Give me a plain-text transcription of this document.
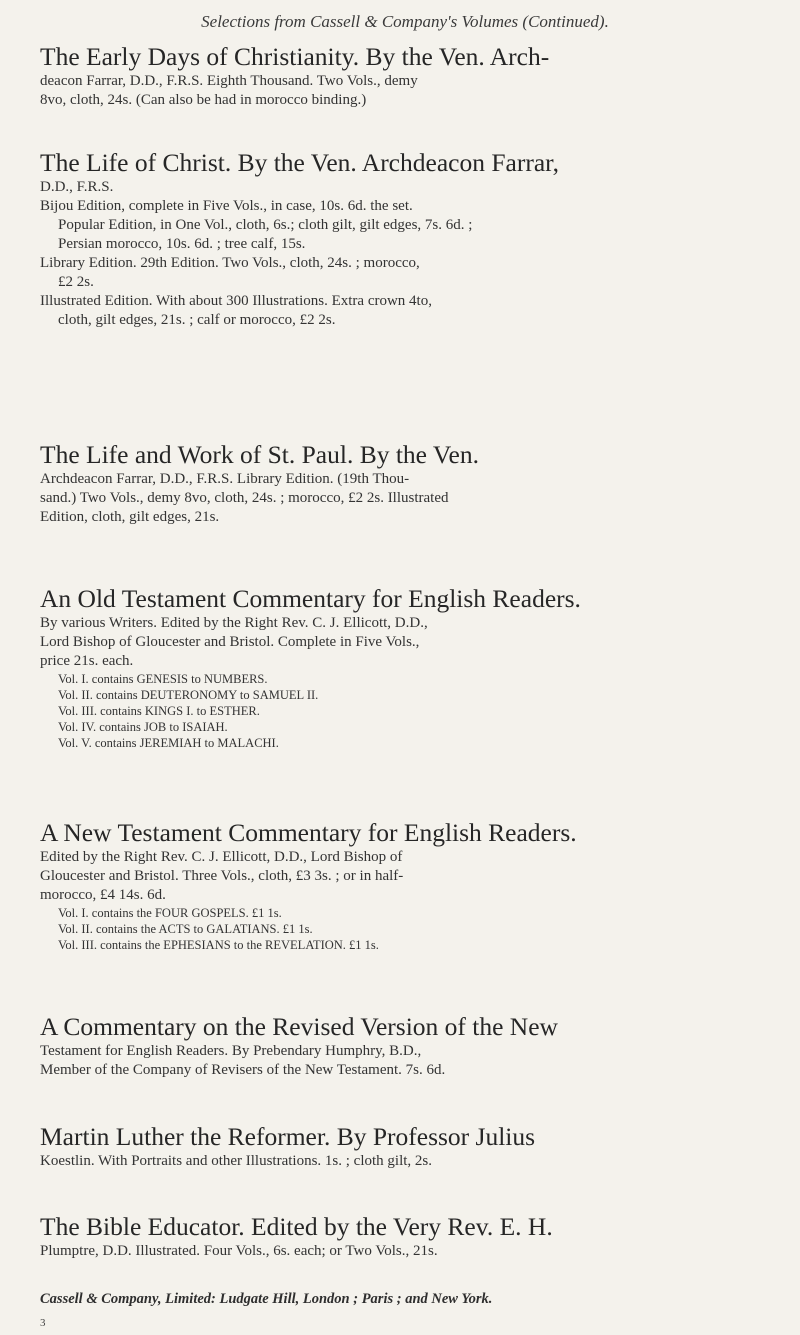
Selections from Cassell & Company's Volumes (Continued).
The Early Days of Christianity. By the Ven. Arch-
deacon Farrar, D.D., F.R.S. Eighth Thousand. Two Vols., demy
8vo, cloth, 24s. (Can also be had in morocco binding.)
The Life of Christ. By the Ven. Archdeacon Farrar,
D.D., F.R.S.
Bijou Edition, complete in Five Vols., in case, 10s. 6d. the set.
Popular Edition, in One Vol., cloth, 6s.; cloth gilt, gilt edges, 7s. 6d. ;
Persian morocco, 10s. 6d. ; tree calf, 15s.
Library Edition. 29th Edition. Two Vols., cloth, 24s. ; morocco,
£2 2s.
Illustrated Edition. With about 300 Illustrations. Extra crown 4to,
cloth, gilt edges, 21s. ; calf or morocco, £2 2s.
The Life and Work of St. Paul. By the Ven.
Archdeacon Farrar, D.D., F.R.S. Library Edition. (19th Thou-
sand.) Two Vols., demy 8vo, cloth, 24s. ; morocco, £2 2s. Illustrated
Edition, cloth, gilt edges, 21s.
An Old Testament Commentary for English Readers.
By various Writers. Edited by the Right Rev. C. J. Ellicott, D.D.,
Lord Bishop of Gloucester and Bristol. Complete in Five Vols.,
price 21s. each.
Vol. I. contains GENESIS to NUMBERS.
Vol. II. contains DEUTERONOMY to SAMUEL II.
Vol. III. contains KINGS I. to ESTHER.
Vol. IV. contains JOB to ISAIAH.
Vol. V. contains JEREMIAH to MALACHI.
A New Testament Commentary for English Readers.
Edited by the Right Rev. C. J. Ellicott, D.D., Lord Bishop of
Gloucester and Bristol. Three Vols., cloth, £3 3s. ; or in half-
morocco, £4 14s. 6d.
Vol. I. contains the FOUR GOSPELS. £1 1s.
Vol. II. contains the ACTS to GALATIANS. £1 1s.
Vol. III. contains the EPHESIANS to the REVELATION. £1 1s.
A Commentary on the Revised Version of the New
Testament for English Readers. By Prebendary Humphry, B.D.,
Member of the Company of Revisers of the New Testament. 7s. 6d.
Martin Luther the Reformer. By Professor Julius
Koestlin. With Portraits and other Illustrations. 1s. ; cloth gilt, 2s.
The Bible Educator. Edited by the Very Rev. E. H.
Plumptre, D.D. Illustrated. Four Vols., 6s. each; or Two Vols., 21s.
Cassell & Company, Limited: Ludgate Hill, London ; Paris ; and New York.
3
